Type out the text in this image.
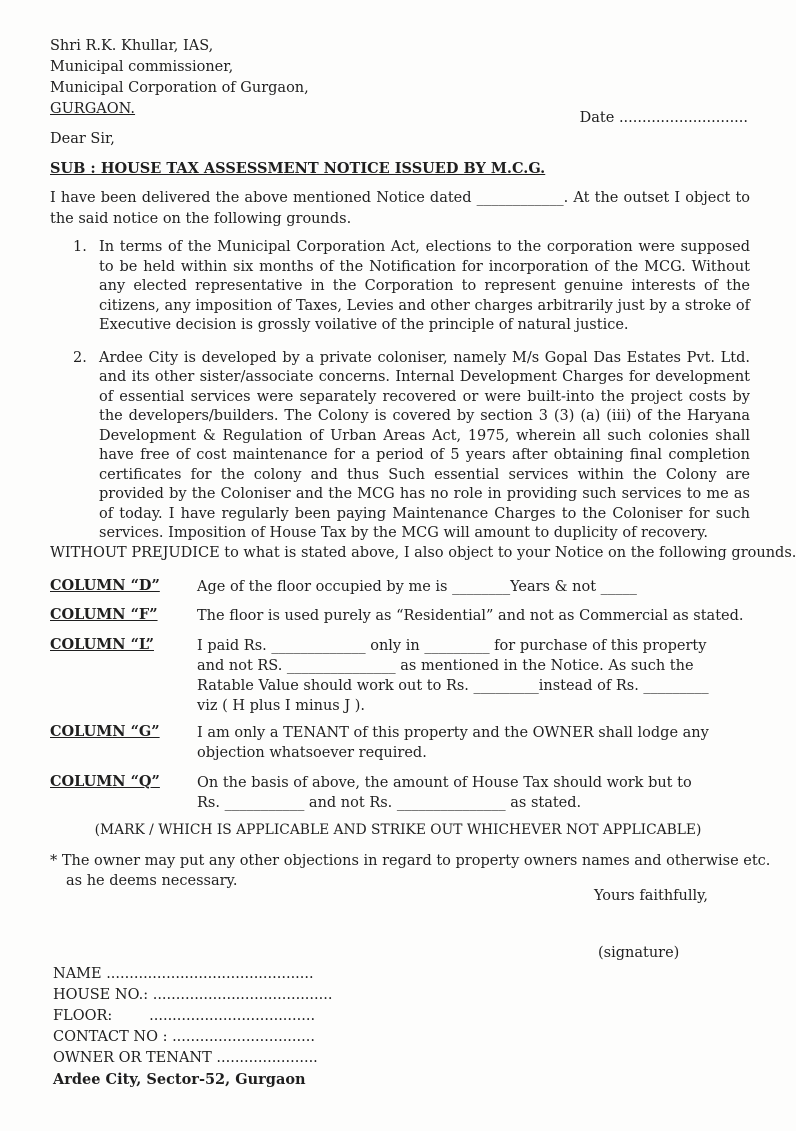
Shri R.K. Khullar, IAS,
Municipal commissioner,
Municipal Corporation of Gurgaon,
GURGAON.
Date ............................
Dear Sir,
SUB : HOUSE TAX ASSESSMENT NOTICE ISSUED BY M.C.G.
I have been delivered the above mentioned Notice dated ____________. At the outset I object to the said notice on the following grounds.
1. In terms of the Municipal Corporation Act, elections to the corporation were supposed to be held within six months of the Notification for incorporation of the MCG. Without any elected representative in the Corporation to represent genuine interests of the citizens, any imposition of Taxes, Levies and other charges arbitrarily just by a stroke of Executive decision is grossly voilative of the principle of natural justice.
2. Ardee City is developed by a private coloniser, namely M/s Gopal Das Estates Pvt. Ltd. and its other sister/associate concerns. Internal Development Charges for development of essential services were separately recovered or were built-into the project costs by the developers/builders. The Colony is covered by section 3 (3) (a) (iii) of the Haryana Development & Regulation of Urban Areas Act, 1975, wherein all such colonies shall have free of cost maintenance for a period of 5 years after obtaining final completion certificates for the colony and thus Such essential services within the Colony are provided by the Coloniser and the MCG has no role in providing such services to me as of today. I have regularly been paying Maintenance Charges to the Coloniser for such services. Imposition of House Tax by the MCG will amount to duplicity of recovery.
WITHOUT PREJUDICE to what is stated above, I also object to your Notice on the following grounds.
COLUMN “D”	Age of the floor occupied by me is ________Years & not _____
COLUMN “F”	The floor is used purely as “Residential” and not as Commercial as stated.
COLUMN “L”	I paid Rs. _____________ only in _________ for purchase of this property
and not RS. _______________ as mentioned in the Notice. As such the
Ratable Value should work out to Rs. _________instead of Rs. _________
viz ( H plus I minus J ).
COLUMN “G”	I am only a TENANT of this property and the OWNER shall lodge any
objection whatsoever required.
COLUMN “Q”	On the basis of above, the amount of House Tax should work but to
Rs. ___________ and not Rs. _______________ as stated.
(MARK / WHICH IS APPLICABLE AND STRIKE OUT WHICHEVER NOT APPLICABLE)
* The owner may put any other objections in regard to property owners names and otherwise etc.
as he deems necessary.
Yours faithfully,
(signature)
NAME .............................................
HOUSE NO.: .......................................
FLOOR:        ....................................
CONTACT NO : ...............................
OWNER OR TENANT ......................
Ardee City, Sector-52, Gurgaon
